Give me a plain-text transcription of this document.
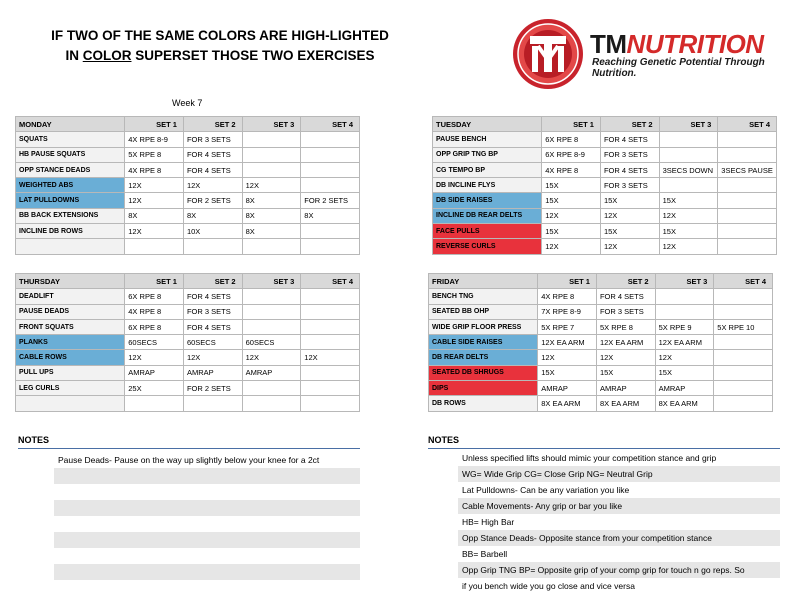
IF TWO OF THE SAME COLORS ARE HIGH-LIGHTED
IN COLOR SUPERSET THOSE TWO EXERCISES	TMNUTRITION
Reaching Genetic Potential Through Nutrition.
Week 7
MONDAY	SET 1	SET 2	SET 3	SET 4
SQUATS	4X RPE 8-9	FOR 3 SETS		
HB PAUSE SQUATS	5X RPE 8	FOR 4 SETS		
OPP STANCE DEADS	4X RPE 8	FOR 4 SETS		
WEIGHTED ABS	12X	12X	12X	
LAT PULLDOWNS	12X	FOR 2 SETS	8X	FOR 2 SETS
BB BACK EXTENSIONS	8X	8X	8X	8X
INCLINE DB ROWS	12X	10X	8X	

TUESDAY	SET 1	SET 2	SET 3	SET 4
PAUSE BENCH	6X RPE 8	FOR 4 SETS		
OPP GRIP TNG BP	6X RPE 8-9	FOR 3 SETS		
CG TEMPO BP	4X RPE 8	FOR 4 SETS	3SECS DOWN	3SECS PAUSE
DB INCLINE FLYS	15X	FOR 3 SETS		
DB SIDE RAISES	15X	15X	15X	
INCLINE DB REAR DELTS	12X	12X	12X	
FACE PULLS	15X	15X	15X	
REVERSE CURLS	12X	12X	12X	
THURSDAY	SET 1	SET 2	SET 3	SET 4
DEADLIFT	6X RPE 8	FOR 4 SETS		
PAUSE DEADS	4X RPE 8	FOR 3 SETS		
FRONT SQUATS	6X RPE 8	FOR 4 SETS		
PLANKS	60SECS	60SECS	60SECS	
CABLE ROWS	12X	12X	12X	12X
PULL UPS	AMRAP	AMRAP	AMRAP	
LEG CURLS	25X	FOR 2 SETS		

FRIDAY	SET 1	SET 2	SET 3	SET 4
BENCH TNG	4X RPE 8	FOR 4 SETS		
SEATED BB OHP	7X RPE 8-9	FOR 3 SETS		
WIDE GRIP FLOOR PRESS	5X RPE 7	5X RPE 8	5X RPE 9	5X RPE 10
CABLE SIDE RAISES	12X EA ARM	12X EA ARM	12X EA ARM	
DB REAR DELTS	12X	12X	12X	
SEATED DB SHRUGS	15X	15X	15X	
DIPS	AMRAP	AMRAP	AMRAP	
DB ROWS	8X EA ARM	8X EA ARM	8X EA ARM	
NOTES
Pause Deads- Pause on the way up slightly below your knee for a 2ct
NOTES
Unless specified lifts should mimic your competition stance and grip
WG= Wide Grip CG= Close Grip NG= Neutral Grip
Lat Pulldowns- Can be any variation you like
Cable Movements- Any grip or bar you like
HB= High Bar
Opp Stance Deads- Opposite stance from your competition stance
BB= Barbell
Opp Grip TNG BP= Opposite grip of your comp grip for touch n go reps. So
if you bench wide you go close and vice versa
